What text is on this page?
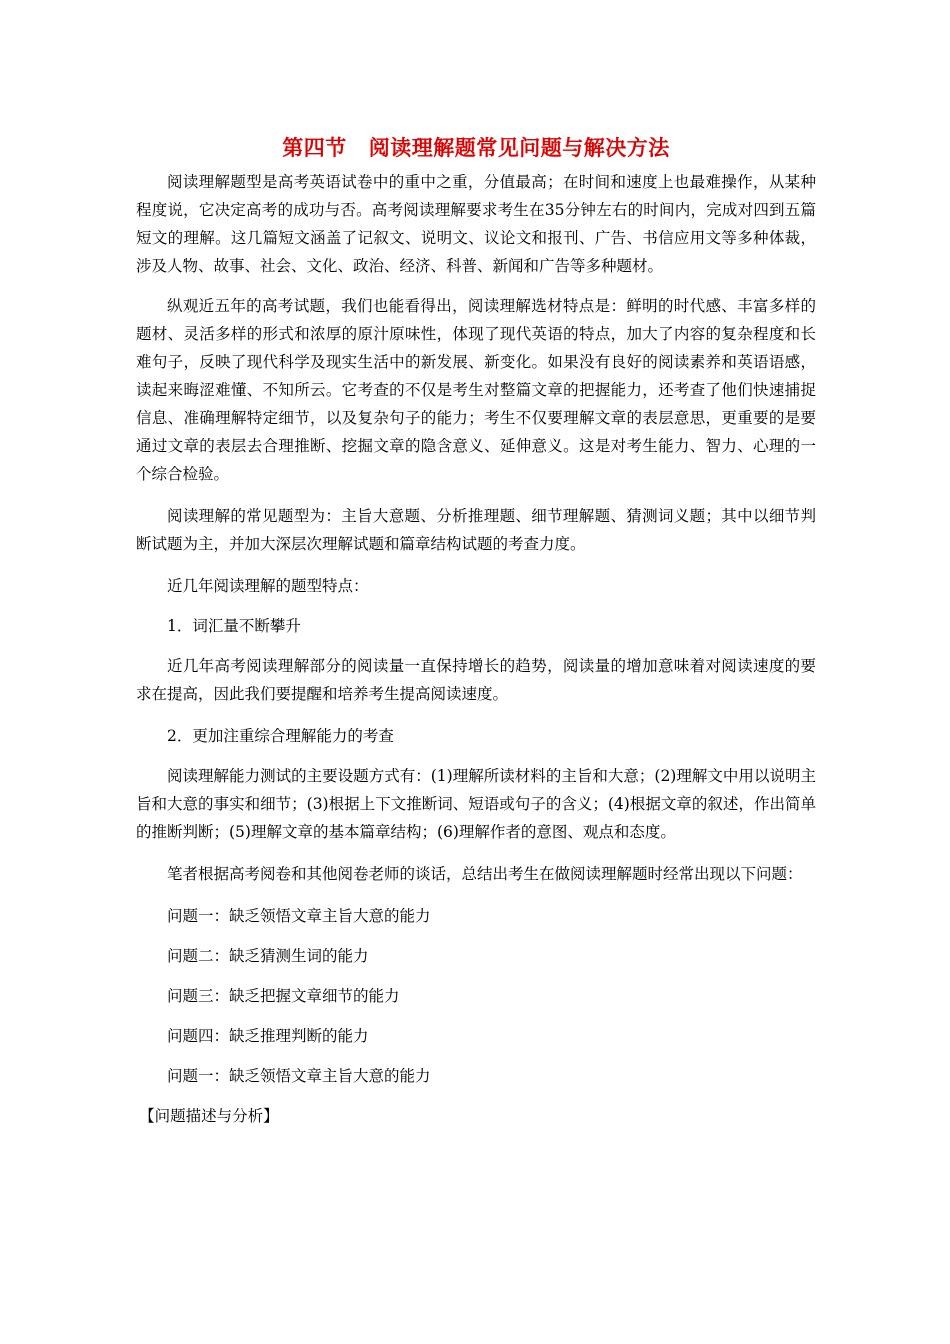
第四节 阅读理解题常见问题与解决方法

阅读理解题型是高考英语试卷中的重中之重，分值最高；在时间和速度上也最难操作，从某种程度说，它决定高考的成功与否。高考阅读理解要求考生在35分钟左右的时间内，完成对四到五篇短文的理解。这几篇短文涵盖了记叙文、说明文、议论文和报刊、广告、书信应用文等多种体裁，涉及人物、故事、社会、文化、政治、经济、科普、新闻和广告等多种题材。

纵观近五年的高考试题，我们也能看得出，阅读理解选材特点是：鲜明的时代感、丰富多样的题材、灵活多样的形式和浓厚的原汁原味性，体现了现代英语的特点，加大了内容的复杂程度和长难句子，反映了现代科学及现实生活中的新发展、新变化。如果没有良好的阅读素养和英语语感，读起来晦涩难懂、不知所云。它考查的不仅是考生对整篇文章的把握能力，还考查了他们快速捕捉信息、准确理解特定细节，以及复杂句子的能力；考生不仅要理解文章的表层意思，更重要的是要通过文章的表层去合理推断、挖掘文章的隐含意义、延伸意义。这是对考生能力、智力、心理的一个综合检验。

阅读理解的常见题型为：主旨大意题、分析推理题、细节理解题、猜测词义题；其中以细节判断试题为主，并加大深层次理解试题和篇章结构试题的考查力度。

近几年阅读理解的题型特点：

1．词汇量不断攀升

近几年高考阅读理解部分的阅读量一直保持增长的趋势，阅读量的增加意味着对阅读速度的要求在提高，因此我们要提醒和培养考生提高阅读速度。

2．更加注重综合理解能力的考查

阅读理解能力测试的主要设题方式有：(1)理解所读材料的主旨和大意；(2)理解文中用以说明主旨和大意的事实和细节；(3)根据上下文推断词、短语或句子的含义；(4)根据文章的叙述，作出简单的推断判断；(5)理解文章的基本篇章结构；(6)理解作者的意图、观点和态度。

笔者根据高考阅卷和其他阅卷老师的谈话，总结出考生在做阅读理解题时经常出现以下问题：

问题一：缺乏领悟文章主旨大意的能力

问题二：缺乏猜测生词的能力

问题三：缺乏把握文章细节的能力

问题四：缺乏推理判断的能力

问题一：缺乏领悟文章主旨大意的能力

【问题描述与分析】
